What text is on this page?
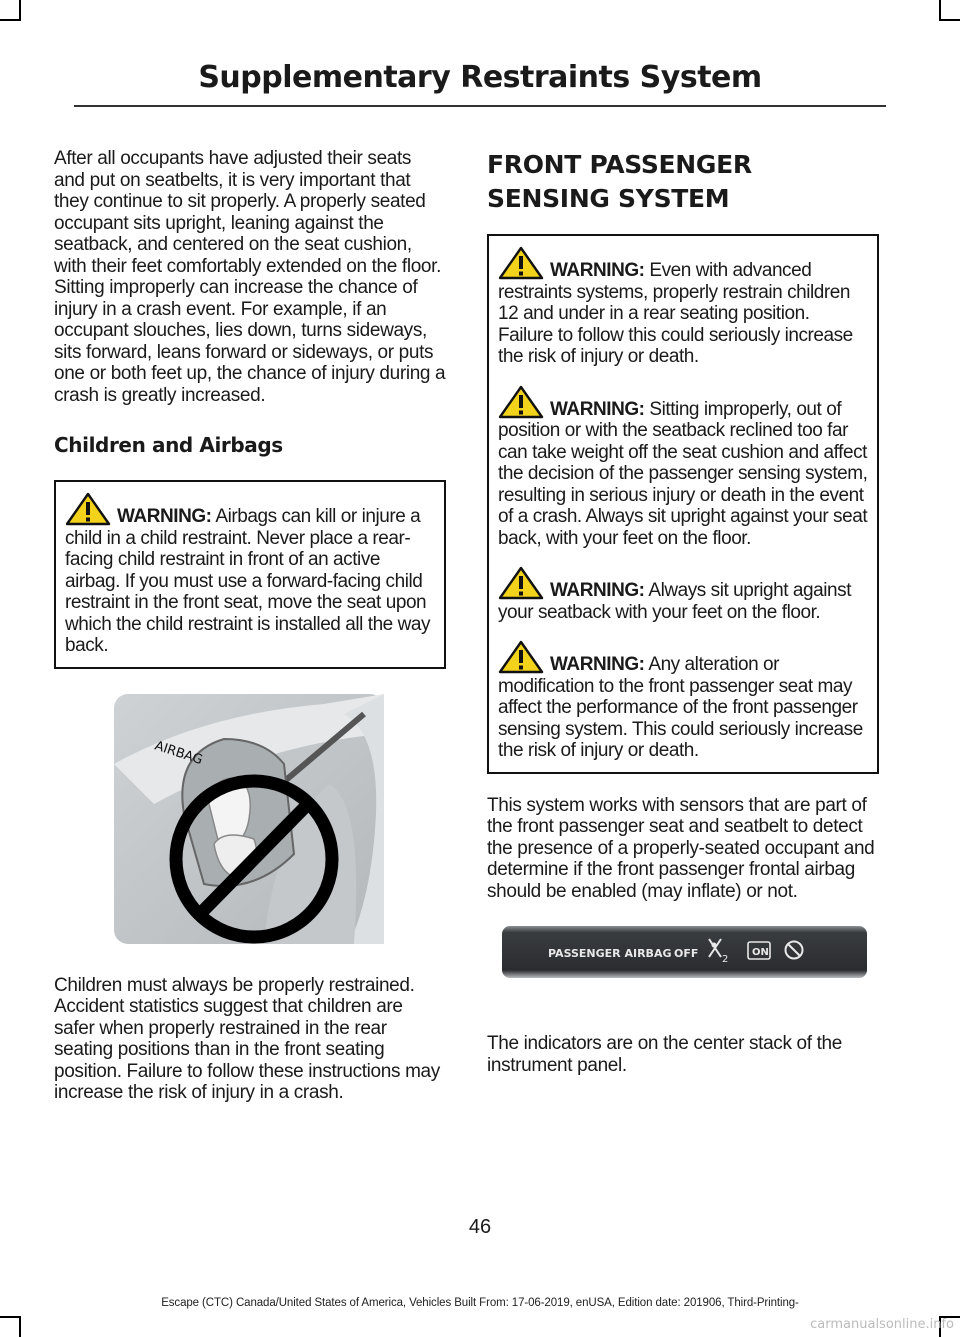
Supplementary Restraints System

After all occupants have adjusted their seats and put on seatbelts, it is very important that they continue to sit properly. A properly seated occupant sits upright, leaning against the seatback, and centered on the seat cushion, with their feet comfortably extended on the floor. Sitting improperly can increase the chance of injury in a crash event. For example, if an occupant slouches, lies down, turns sideways, sits forward, leans forward or sideways, or puts one or both feet up, the chance of injury during a crash is greatly increased.

Children and Airbags

WARNING: Airbags can kill or injure a child in a child restraint. Never place a rear-facing child restraint in front of an active airbag. If you must use a forward-facing child restraint in the front seat, move the seat upon which the child restraint is installed all the way back.

AIRBAG

Children must always be properly restrained. Accident statistics suggest that children are safer when properly restrained in the rear seating positions than in the front seating position. Failure to follow these instructions may increase the risk of injury in a crash.

FRONT PASSENGER SENSING SYSTEM

WARNING: Even with advanced restraints systems, properly restrain children 12 and under in a rear seating position. Failure to follow this could seriously increase the risk of injury or death.

WARNING: Sitting improperly, out of position or with the seatback reclined too far can take weight off the seat cushion and affect the decision of the passenger sensing system, resulting in serious injury or death in the event of a crash. Always sit upright against your seat back, with your feet on the floor.

WARNING: Always sit upright against your seatback with your feet on the floor.

WARNING: Any alteration or modification to the front passenger seat may affect the performance of the front passenger sensing system. This could seriously increase the risk of injury or death.

This system works with sensors that are part of the front passenger seat and seatbelt to detect the presence of a properly-seated occupant and determine if the front passenger frontal airbag should be enabled (may inflate) or not.

PASSENGER AIRBAG OFF 2
ON

The indicators are on the center stack of the instrument panel.

46
Escape (CTC) Canada/United States of America, Vehicles Built From: 17-06-2019, enUSA, Edition date: 201906, Third-Printing-
carmanualsonline.info
